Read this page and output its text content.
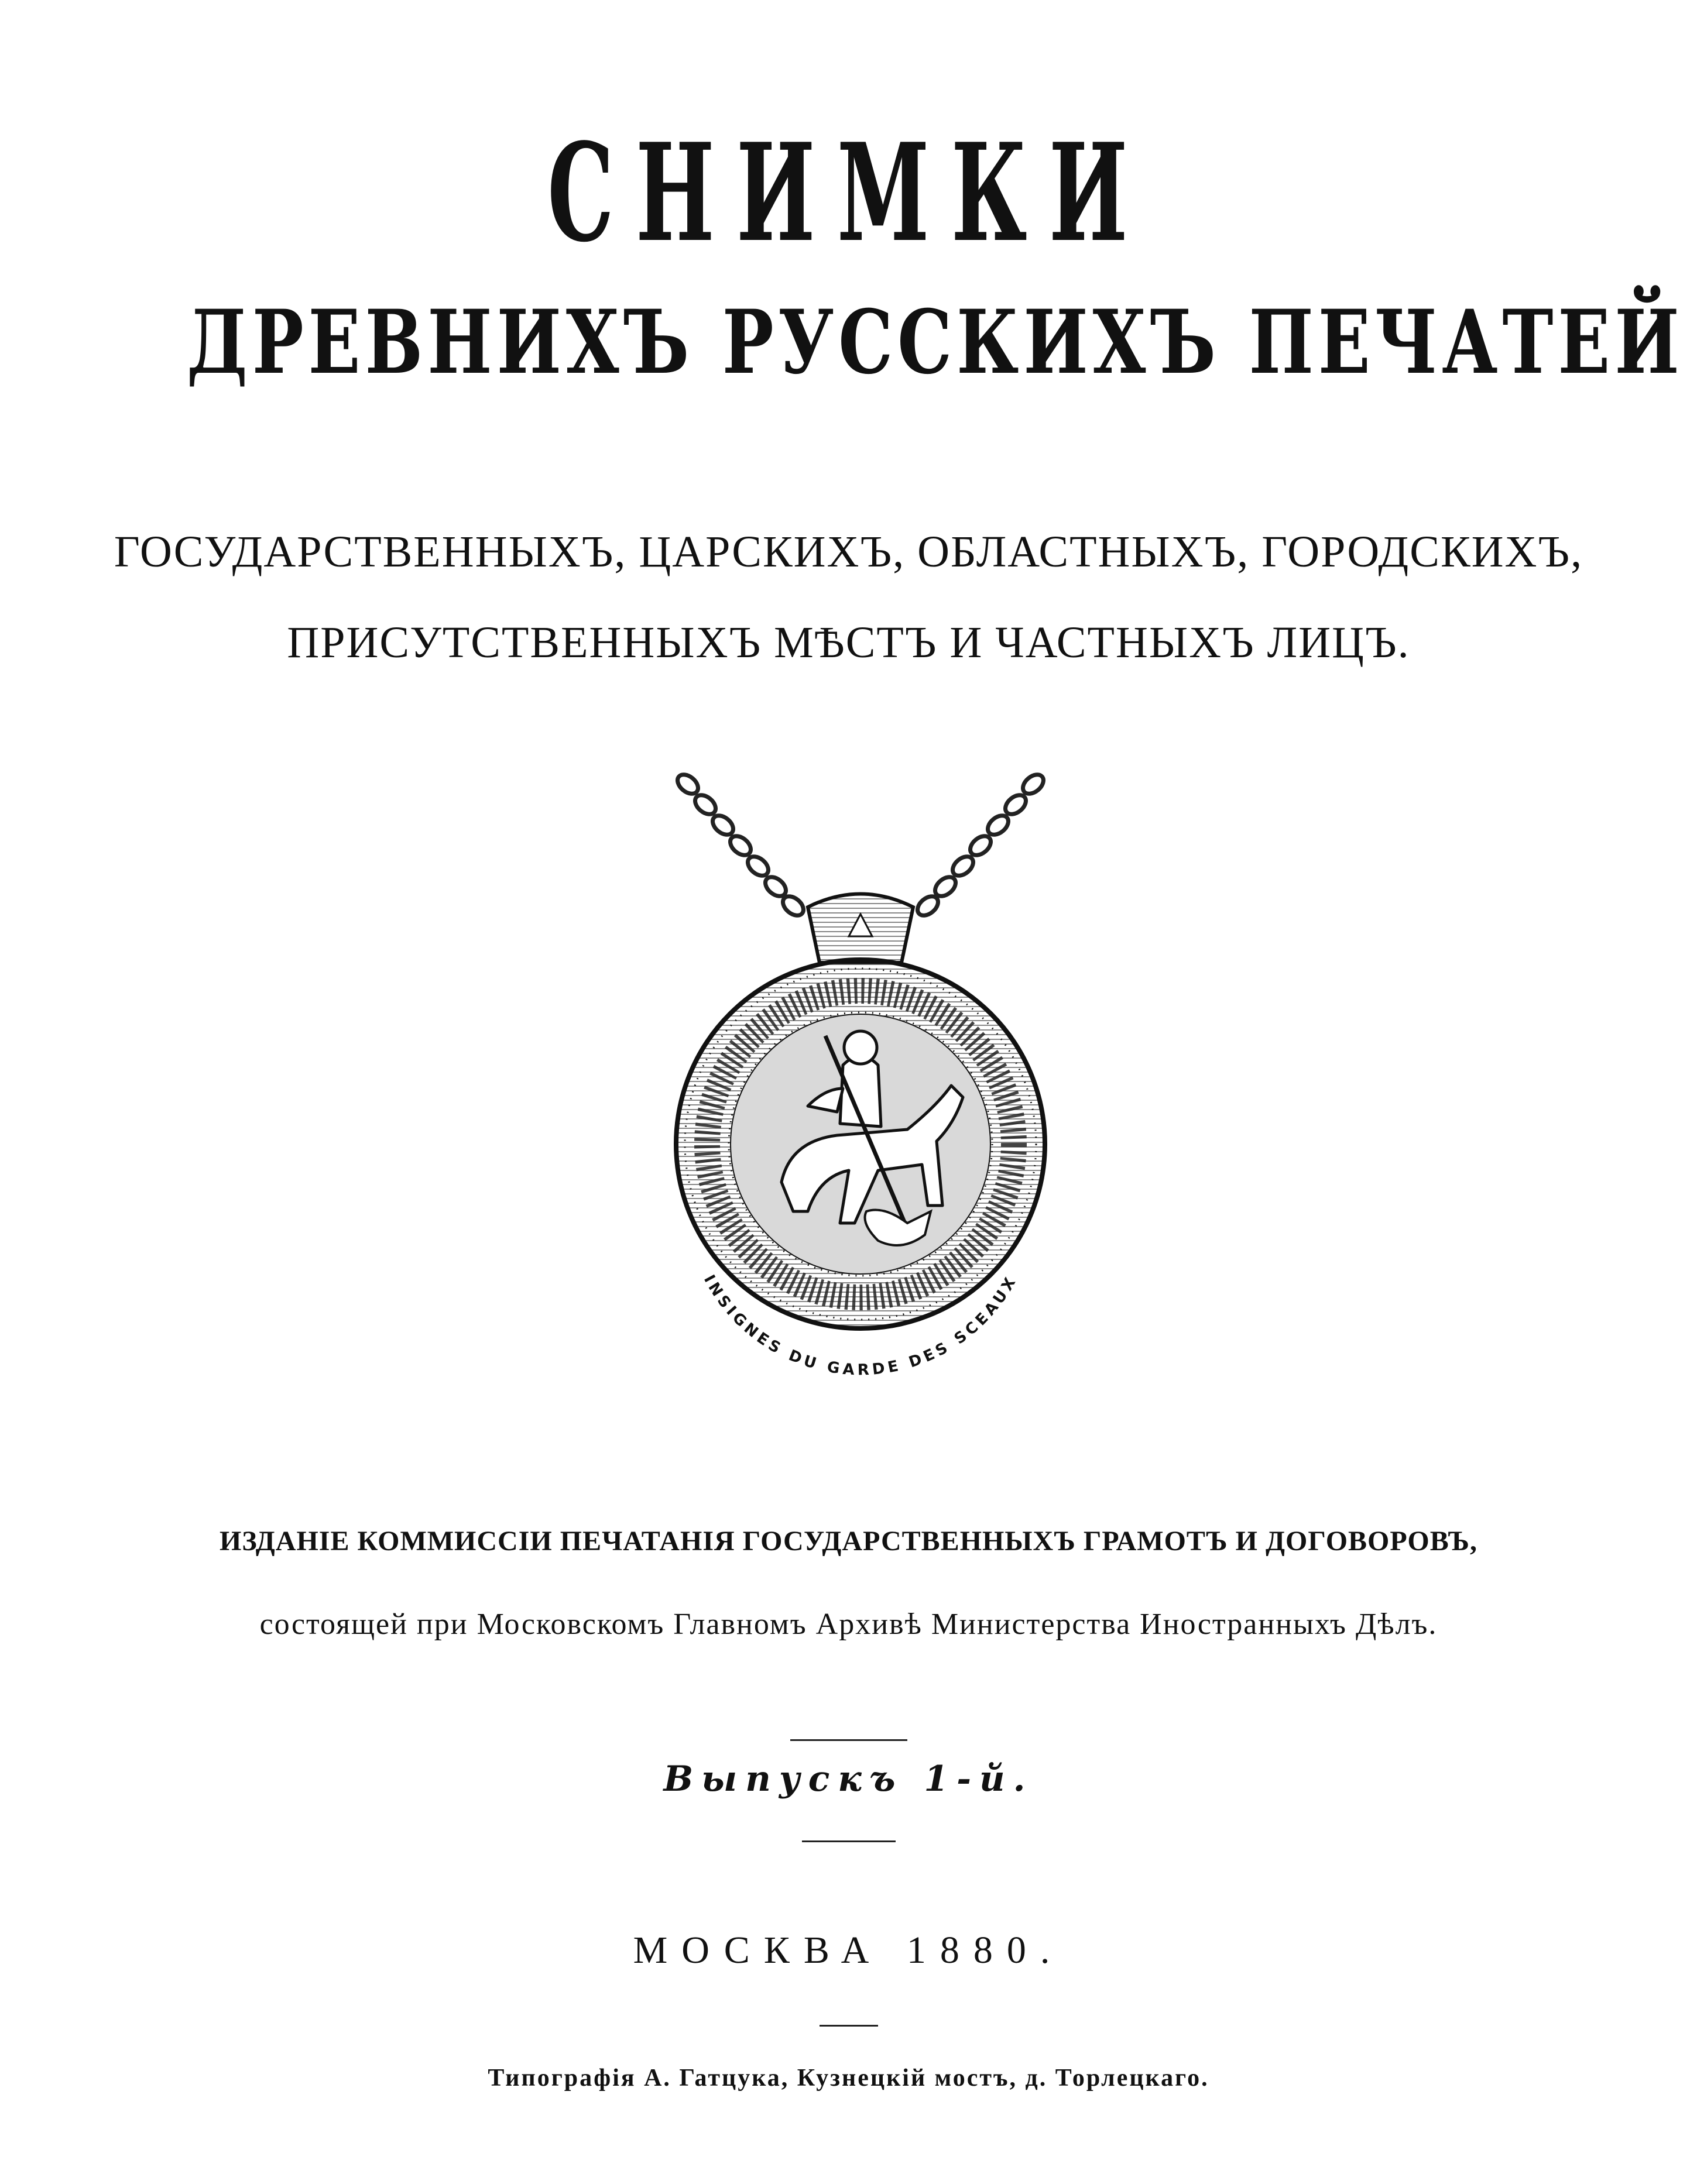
СНИМКИ
ДРЕВНИХЪ РУССКИХЪ ПЕЧАТЕЙ
ГОСУДАРСТВЕННЫХЪ, ЦАРСКИХЪ, ОБЛАСТНЫХЪ, ГОРОДСКИХЪ,
ПРИСУТСТВЕННЫХЪ МѢСТЪ И ЧАСТНЫХЪ ЛИЦЪ.
INSIGNES DU GARDE DES SCEAUX
ИЗДАНІЕ КОММИССІИ ПЕЧАТАНІЯ ГОСУДАРСТВЕННЫХЪ ГРАМОТЪ И ДОГОВОРОВЪ,
состоящей при Московскомъ Главномъ Архивѣ Министерства Иностранныхъ Дѣлъ.
Выпускъ 1-й.
МОСКВА 1880.
Типографія А. Гатцука, Кузнецкій мостъ, д. Торлецкаго.
